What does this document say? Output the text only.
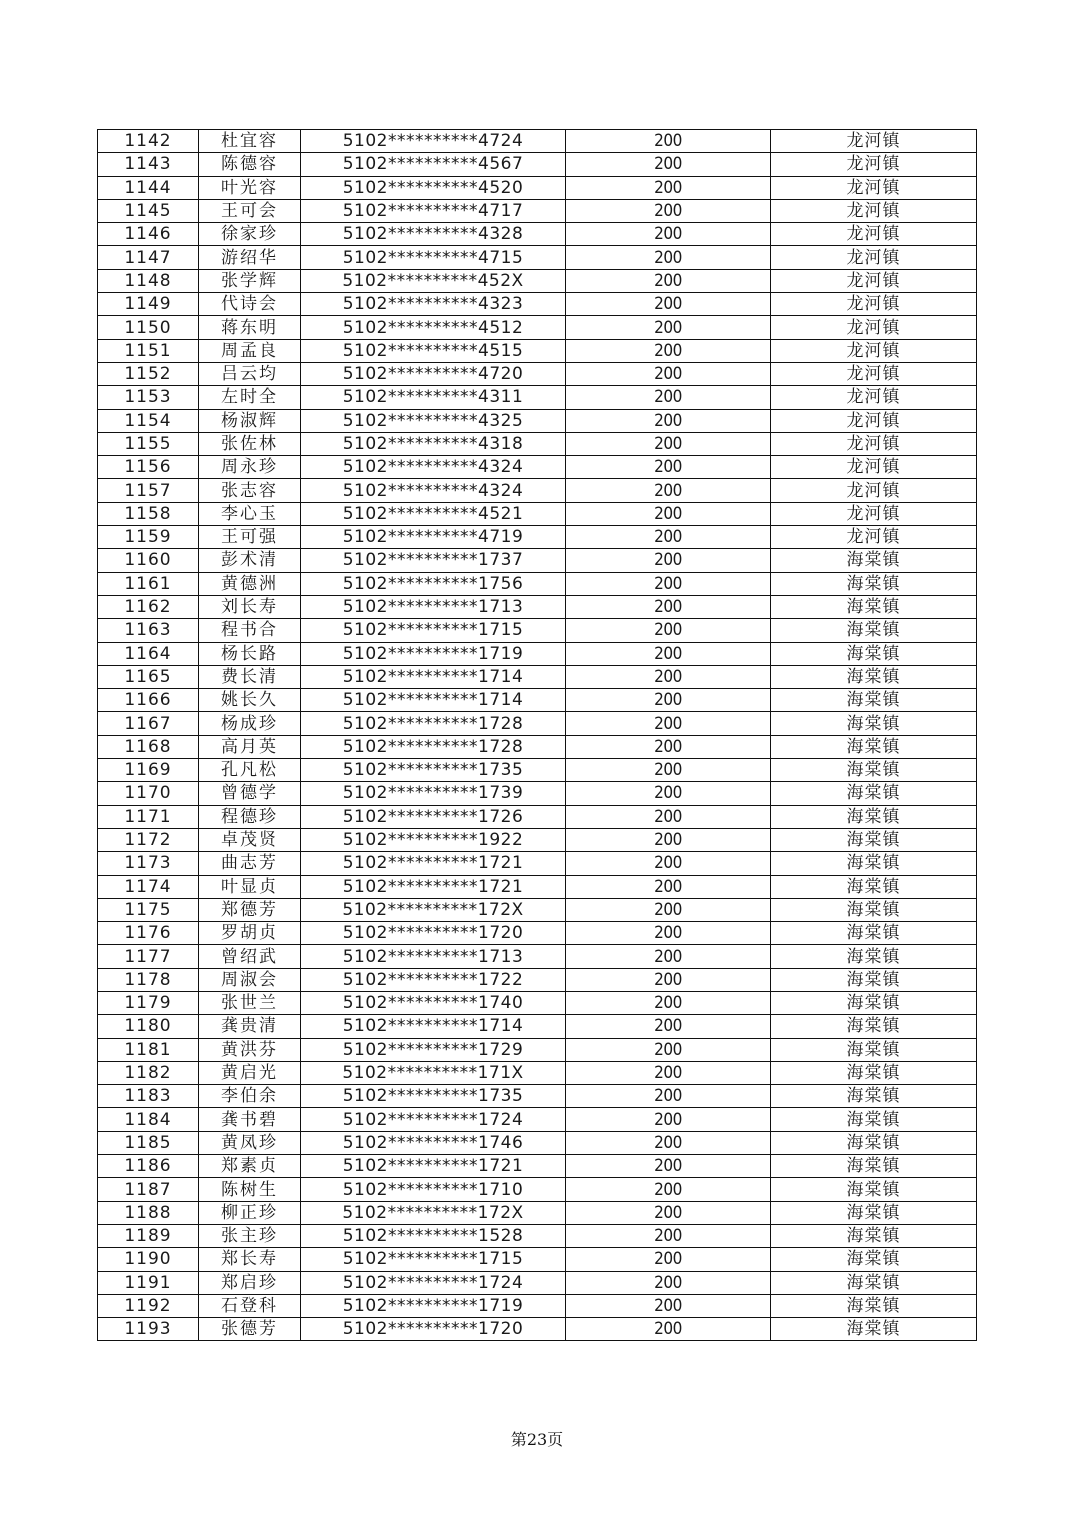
1142	杜宜容	5102**********4724	200	龙河镇
1143	陈德容	5102**********4567	200	龙河镇
1144	叶光容	5102**********4520	200	龙河镇
1145	王可会	5102**********4717	200	龙河镇
1146	徐家珍	5102**********4328	200	龙河镇
1147	游绍华	5102**********4715	200	龙河镇
1148	张学辉	5102**********452X	200	龙河镇
1149	代诗会	5102**********4323	200	龙河镇
1150	蒋东明	5102**********4512	200	龙河镇
1151	周孟良	5102**********4515	200	龙河镇
1152	吕云均	5102**********4720	200	龙河镇
1153	左时全	5102**********4311	200	龙河镇
1154	杨淑辉	5102**********4325	200	龙河镇
1155	张佐林	5102**********4318	200	龙河镇
1156	周永珍	5102**********4324	200	龙河镇
1157	张志容	5102**********4324	200	龙河镇
1158	李心玉	5102**********4521	200	龙河镇
1159	王可强	5102**********4719	200	龙河镇
1160	彭术清	5102**********1737	200	海棠镇
1161	黄德洲	5102**********1756	200	海棠镇
1162	刘长寿	5102**********1713	200	海棠镇
1163	程书合	5102**********1715	200	海棠镇
1164	杨长路	5102**********1719	200	海棠镇
1165	费长清	5102**********1714	200	海棠镇
1166	姚长久	5102**********1714	200	海棠镇
1167	杨成珍	5102**********1728	200	海棠镇
1168	高月英	5102**********1728	200	海棠镇
1169	孔凡松	5102**********1735	200	海棠镇
1170	曾德学	5102**********1739	200	海棠镇
1171	程德珍	5102**********1726	200	海棠镇
1172	卓茂贤	5102**********1922	200	海棠镇
1173	曲志芳	5102**********1721	200	海棠镇
1174	叶显贞	5102**********1721	200	海棠镇
1175	郑德芳	5102**********172X	200	海棠镇
1176	罗胡贞	5102**********1720	200	海棠镇
1177	曾绍武	5102**********1713	200	海棠镇
1178	周淑会	5102**********1722	200	海棠镇
1179	张世兰	5102**********1740	200	海棠镇
1180	龚贵清	5102**********1714	200	海棠镇
1181	黄洪芬	5102**********1729	200	海棠镇
1182	黄启光	5102**********171X	200	海棠镇
1183	李伯余	5102**********1735	200	海棠镇
1184	龚书碧	5102**********1724	200	海棠镇
1185	黄凤珍	5102**********1746	200	海棠镇
1186	郑素贞	5102**********1721	200	海棠镇
1187	陈树生	5102**********1710	200	海棠镇
1188	柳正珍	5102**********172X	200	海棠镇
1189	张主珍	5102**********1528	200	海棠镇
1190	郑长寿	5102**********1715	200	海棠镇
1191	郑启珍	5102**********1724	200	海棠镇
1192	石登科	5102**********1719	200	海棠镇
1193	张德芳	5102**********1720	200	海棠镇
第23页
